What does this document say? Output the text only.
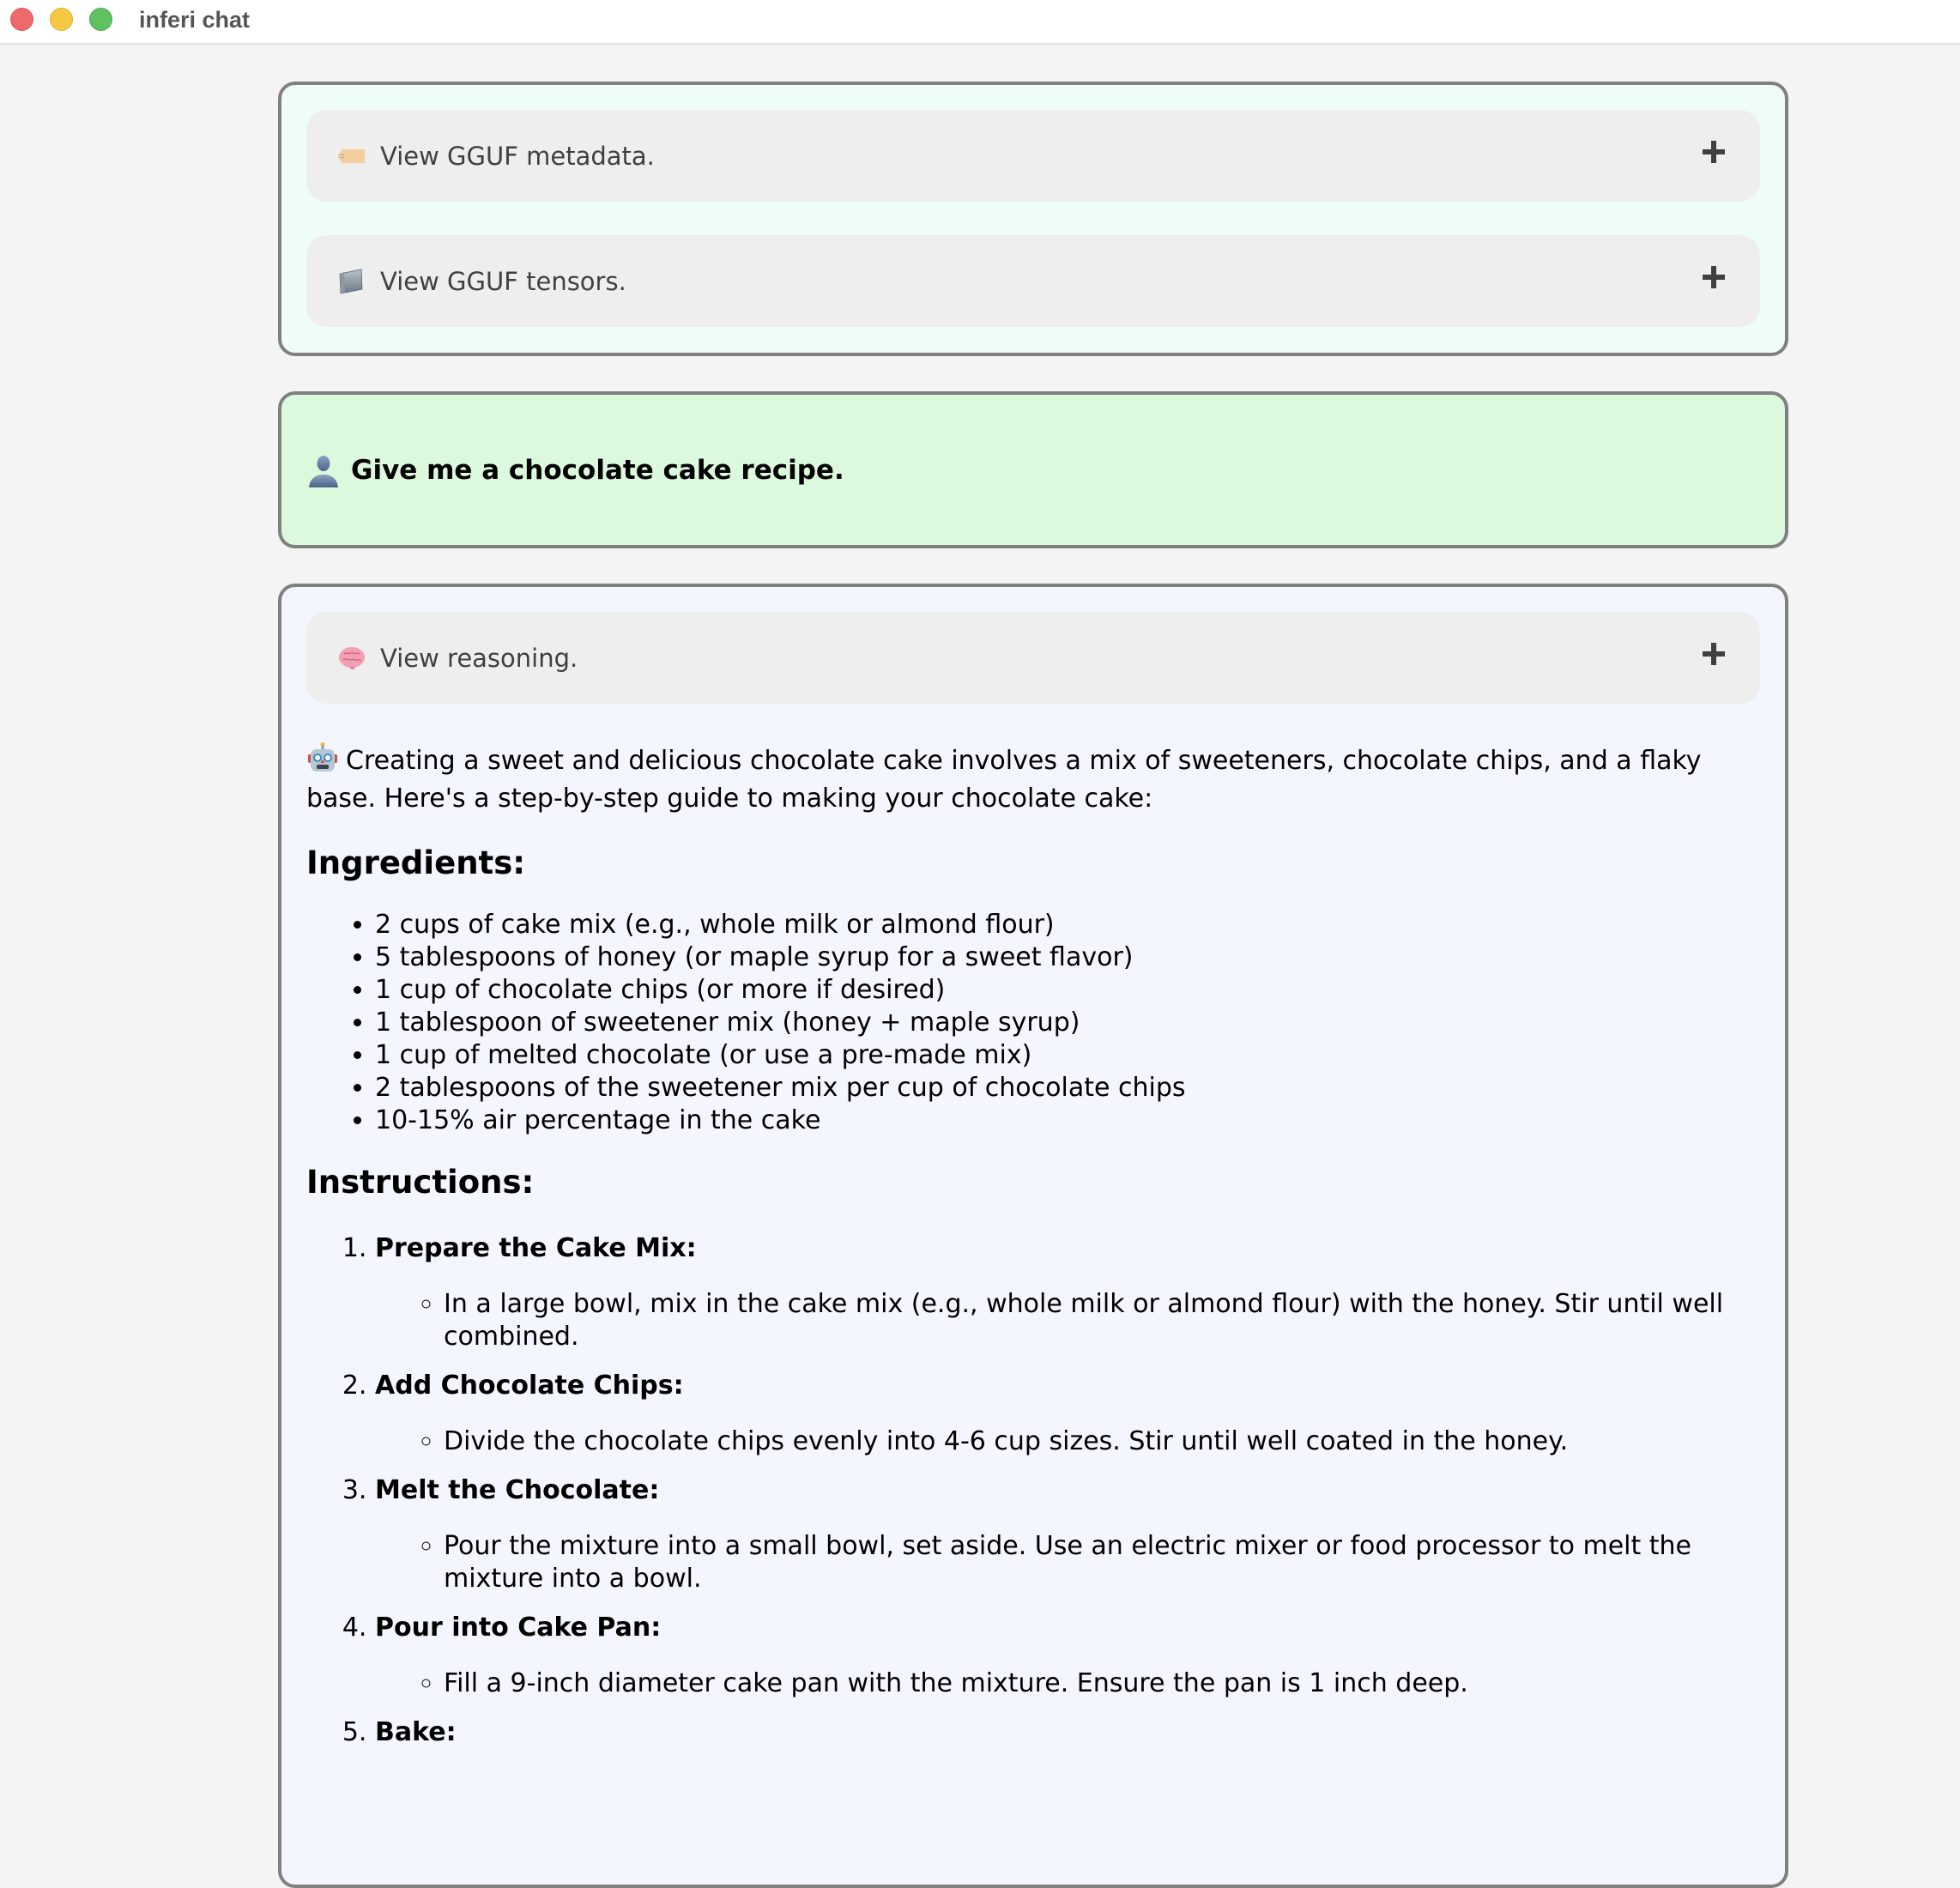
inferi chat
View GGUF metadata.
View GGUF tensors.
Give me a chocolate cake recipe.
View reasoning.

Creating a sweet and delicious chocolate cake involves a mix of sweeteners, chocolate chips, and a flaky base. Here's a step-by-step guide to making your chocolate cake:

Ingredients:
• 2 cups of cake mix (e.g., whole milk or almond flour)
• 5 tablespoons of honey (or maple syrup for a sweet flavor)
• 1 cup of chocolate chips (or more if desired)
• 1 tablespoon of sweetener mix (honey + maple syrup)
• 1 cup of melted chocolate (or use a pre-made mix)
• 2 tablespoons of the sweetener mix per cup of chocolate chips
• 10-15% air percentage in the cake
Instructions:
1. Prepare the Cake Mix:
◦ In a large bowl, mix in the cake mix (e.g., whole milk or almond flour) with the honey. Stir until well combined.
2. Add Chocolate Chips:
◦ Divide the chocolate chips evenly into 4-6 cup sizes. Stir until well coated in the honey.
3. Melt the Chocolate:
◦ Pour the mixture into a small bowl, set aside. Use an electric mixer or food processor to melt the mixture into a bowl.
4. Pour into Cake Pan:
◦ Fill a 9-inch diameter cake pan with the mixture. Ensure the pan is 1 inch deep.
5. Bake:
